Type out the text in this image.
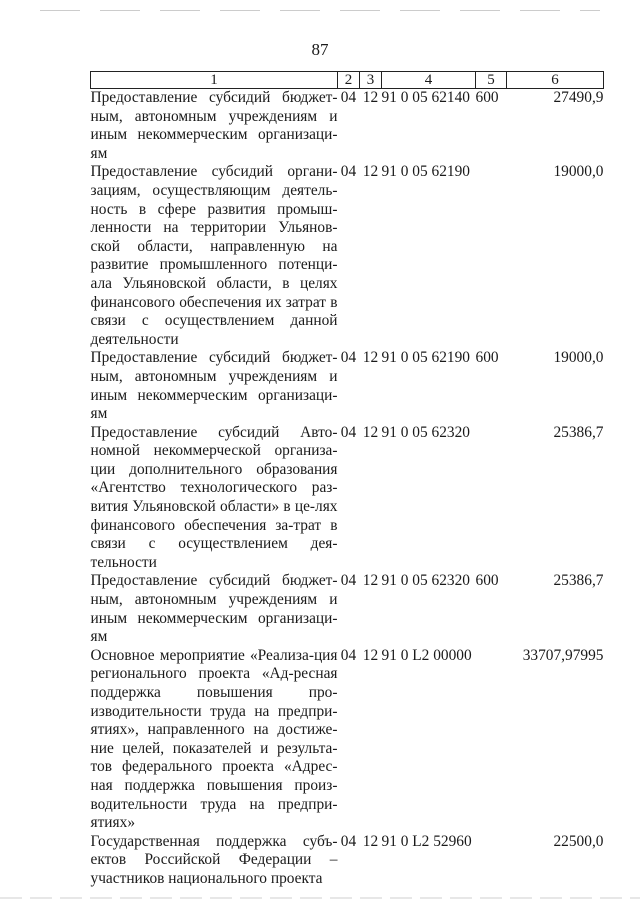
87
1	2	3	4	5	6
Предоставление субсидий бюджет-ным, автономным учреждениям и иным некоммерческим организаци-ям	04	12	91 0 05 62140	600	27490,9
Предоставление субсидий органи-зациям, осуществляющим деятель-ность в сфере развития промыш-ленности на территории Ульянов-ской области, направленную на развитие промышленного потенци-ала Ульяновской области, в целях финансового обеспечения их затрат в связи с осуществлением данной деятельности	04	12	91 0 05 62190		19000,0
Предоставление субсидий бюджет-ным, автономным учреждениям и иным некоммерческим организаци-ям	04	12	91 0 05 62190	600	19000,0
Предоставление субсидий Авто-номной некоммерческой организа-ции дополнительного образования «Агентство технологического раз-вития Ульяновской области» в це-лях финансового обеспечения за-трат в связи с осуществлением дея-тельности	04	12	91 0 05 62320		25386,7
Предоставление субсидий бюджет-ным, автономным учреждениям и иным некоммерческим организаци-ям	04	12	91 0 05 62320	600	25386,7
Основное мероприятие «Реализа-ция регионального проекта «Ад-ресная поддержка повышения про-изводительности труда на предпри-ятиях», направленного на достиже-ние целей, показателей и результа-тов федерального проекта «Адрес-ная поддержка повышения произ-водительности труда на предпри-ятиях»	04	12	91 0 L2 00000		33707,97995
Государственная поддержка субъ-ектов Российской Федерации – участников национального проекта	04	12	91 0 L2 52960		22500,0
